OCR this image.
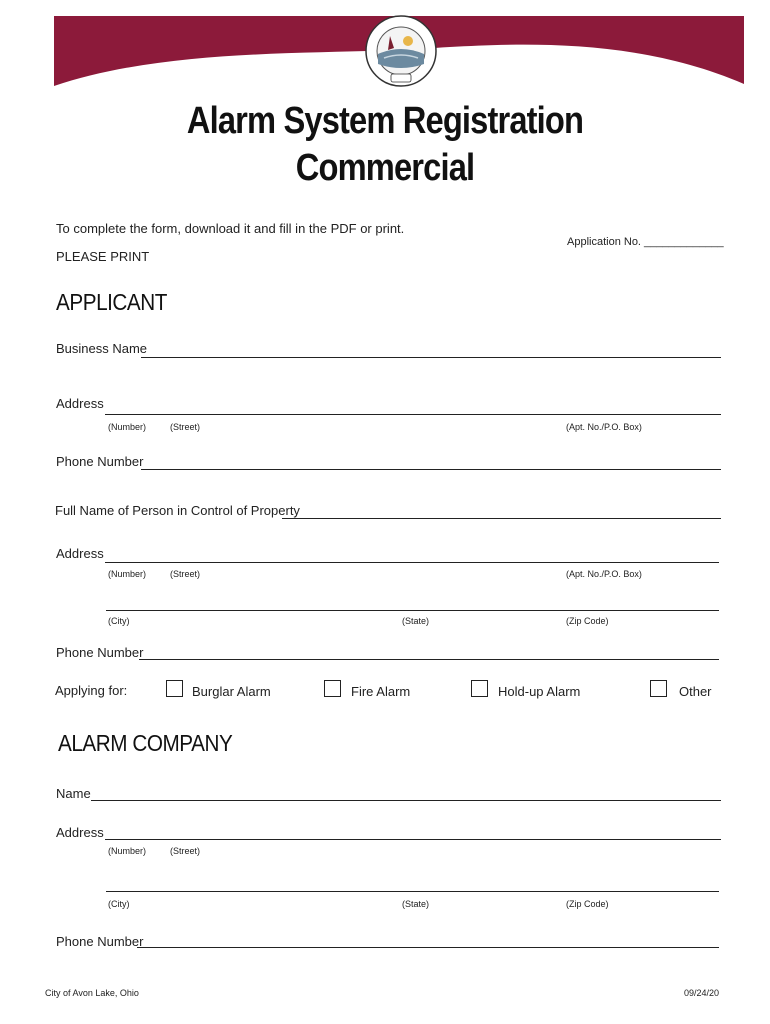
Alarm System Registration
Commercial
To complete the form, download it and fill in the PDF or print.
Application No. _____________
PLEASE PRINT
APPLICANT
Business Name
Address
(Number)	(Street)	(Apt. No./P.O. Box)
Phone Number
Full Name of Person in Control of Property
Address
(Number)	(Street)	(Apt. No./P.O. Box)
(City)	(State)	(Zip Code)
Phone Number
Applying for:	Burglar Alarm	Fire Alarm	Hold-up Alarm	Other
ALARM COMPANY
Name
Address
(Number)	(Street)
(City)	(State)	(Zip Code)
Phone Number
City of Avon Lake, Ohio	09/24/20
